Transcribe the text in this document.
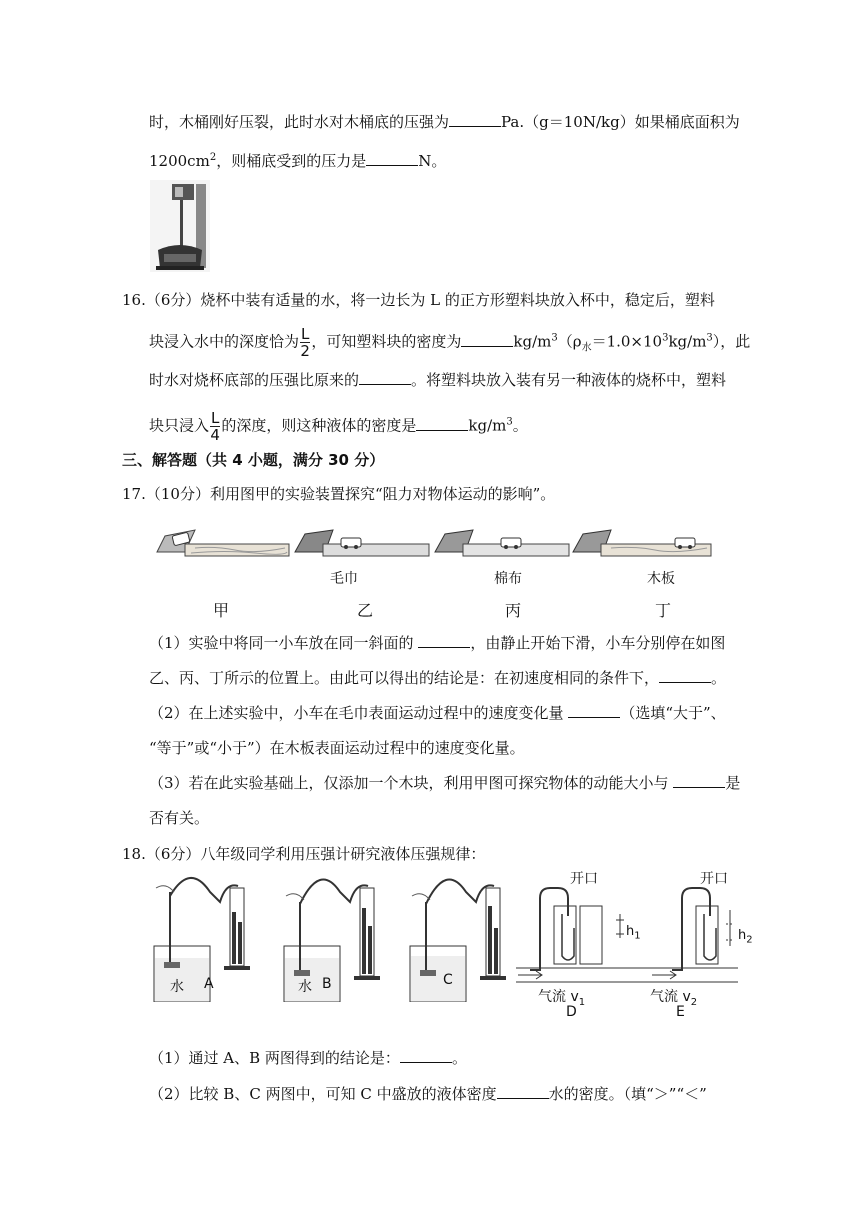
时，木桶刚好压裂，此时水对木桶底的压强为	Pa.（g＝10N/kg）如果桶底面积为
$1200cm^2$，则桶底受到的压力是	N。
16.（6分）烧杯中装有适量的水，将一边长为 L 的正方形塑料块放入杯中，稳定后，塑料
块浸入水中的深度恰为 $\frac{L}{2}$ ，可知塑料块的密度为	$kg/m^3(\rho_水=1.0\times 10^3kg/m^3)$，此
时水对烧杯底部的压强比原来的	。将塑料块放入装有另一种液体的烧杯中，塑料
块只浸入 $\frac{L}{4}$ 的深度，则这种液体的密度是	$kg/m^3$。
三、解答题（共 4 小题，满分 30 分）
17.（10分）利用图甲的实验装置探究“阻力对物体运动的影响”。
毛巾	棉布	木板
甲	乙	丙	丁
（1）实验中将同一小车放在同一斜面的	，由静止开始下滑，小车分别停在如图
乙、丙、丁所示的位置上。由此可以得出的结论是：在初速度相同的条件下，	。
（2）在上述实验中，小车在毛巾表面运动过程中的速度变化量	（选填“大于”、
“等于”或“小于”）在木板表面运动过程中的速度变化量。
（3）若在此实验基础上，仅添加一个木块，利用甲图可探究物体的动能大小与	是
否有关。
18.（6分）八年级同学利用压强计研究液体压强规律：
水 A	水 B	C
开口	开口
$h_1$	$h_2$
气流 $v_1$	气流 $v_2$
D	E
（1）通过 A、B 两图得到的结论是：	。
（2）比较 B、C 两图中，可知 C 中盛放的液体密度	水的密度。（填“＞”“＜”
